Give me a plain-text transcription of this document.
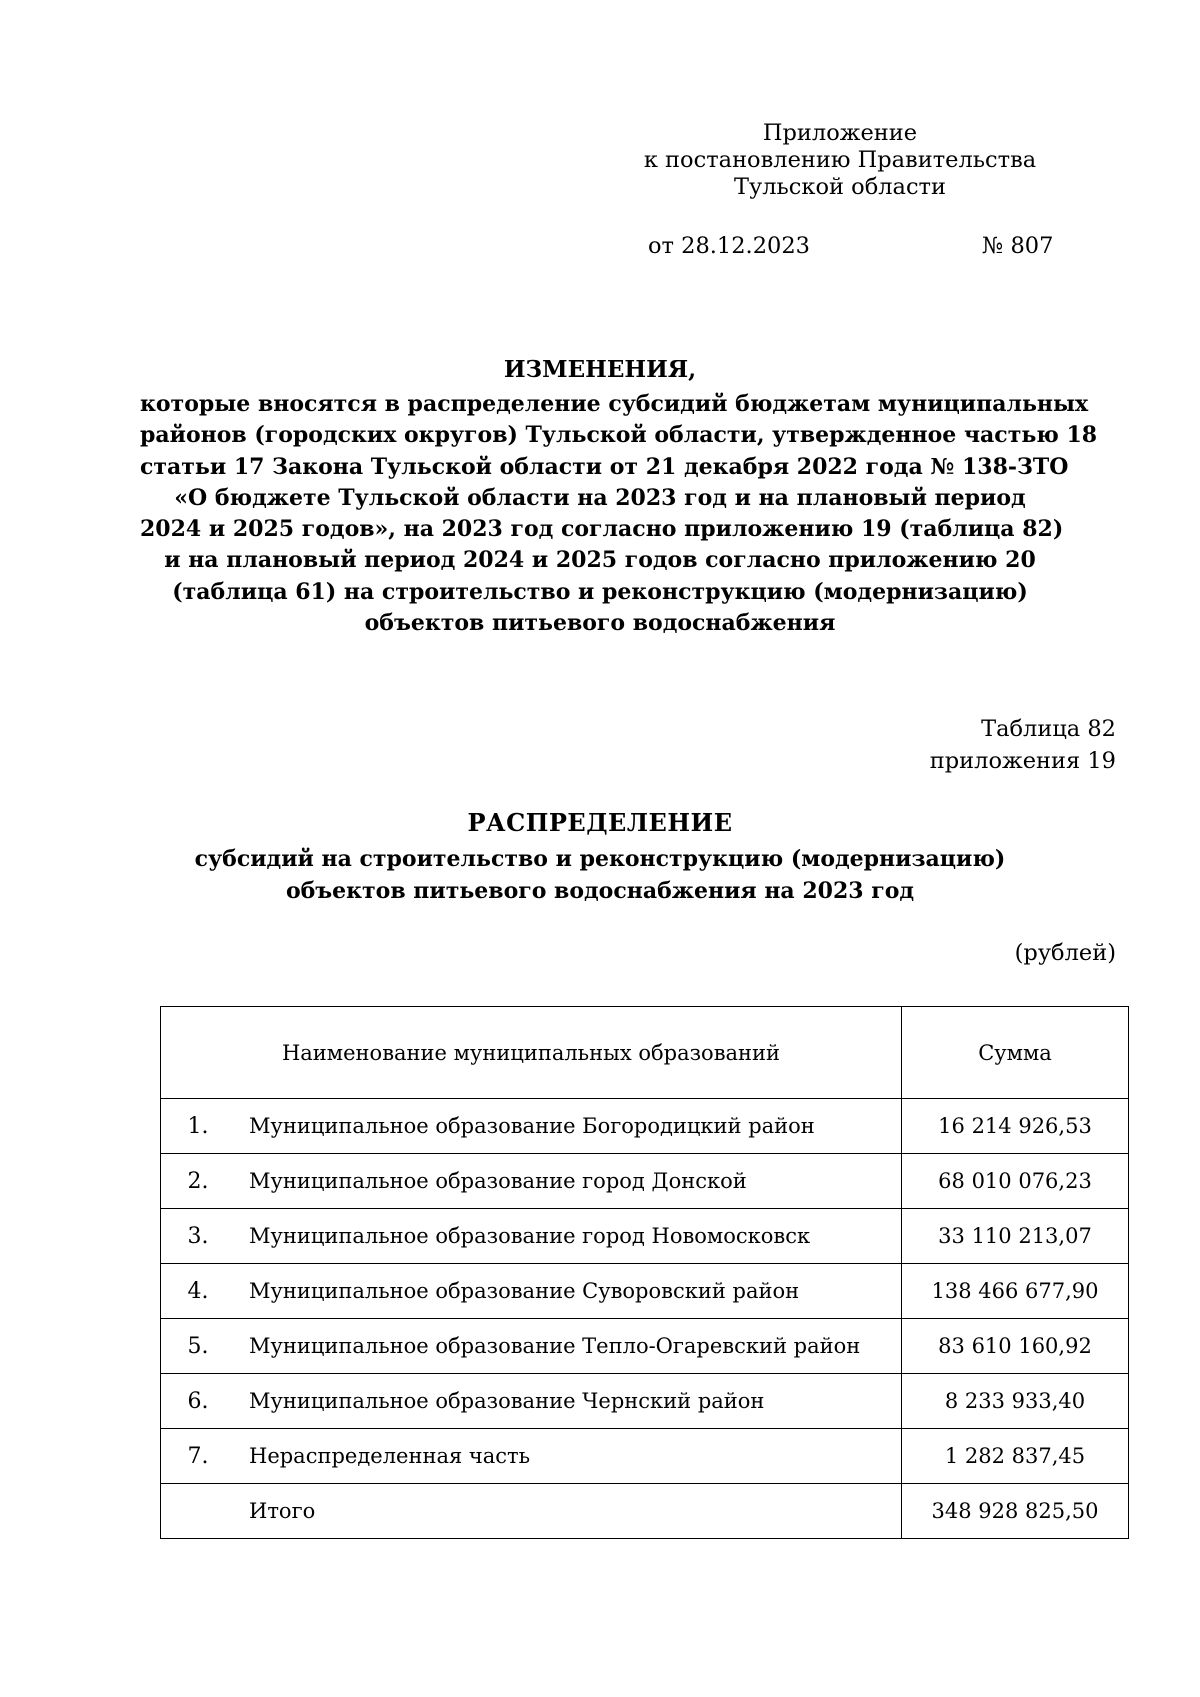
Приложение
к постановлению Правительства
Тульской области
от 28.12.2023	№ 807
ИЗМЕНЕНИЯ,
которые вносятся в распределение субсидий бюджетам муниципальных
районов (городских округов) Тульской области, утвержденное частью 18
статьи 17 Закона Тульской области от 21 декабря 2022 года № 138-ЗТО
«О бюджете Тульской области на 2023 год и на плановый период
2024 и 2025 годов», на 2023 год согласно приложению 19 (таблица 82)
и на плановый период 2024 и 2025 годов согласно приложению 20
(таблица 61) на строительство и реконструкцию (модернизацию)
объектов питьевого водоснабжения
Таблица 82
приложения 19
РАСПРЕДЕЛЕНИЕ
субсидий на строительство и реконструкцию (модернизацию)
объектов питьевого водоснабжения на 2023 год
(рублей)
Наименование муниципальных образований		Сумма
1.	Муниципальное образование Богородицкий район	16 214 926,53
2.	Муниципальное образование город Донской	68 010 076,23
3.	Муниципальное образование город Новомосковск	33 110 213,07
4.	Муниципальное образование Суворовский район	138 466 677,90
5.	Муниципальное образование Тепло-Огаревский район	83 610 160,92
6.	Муниципальное образование Чернский район	8 233 933,40
7.	Нераспределенная часть	1 282 837,45
	Итого	348 928 825,50
